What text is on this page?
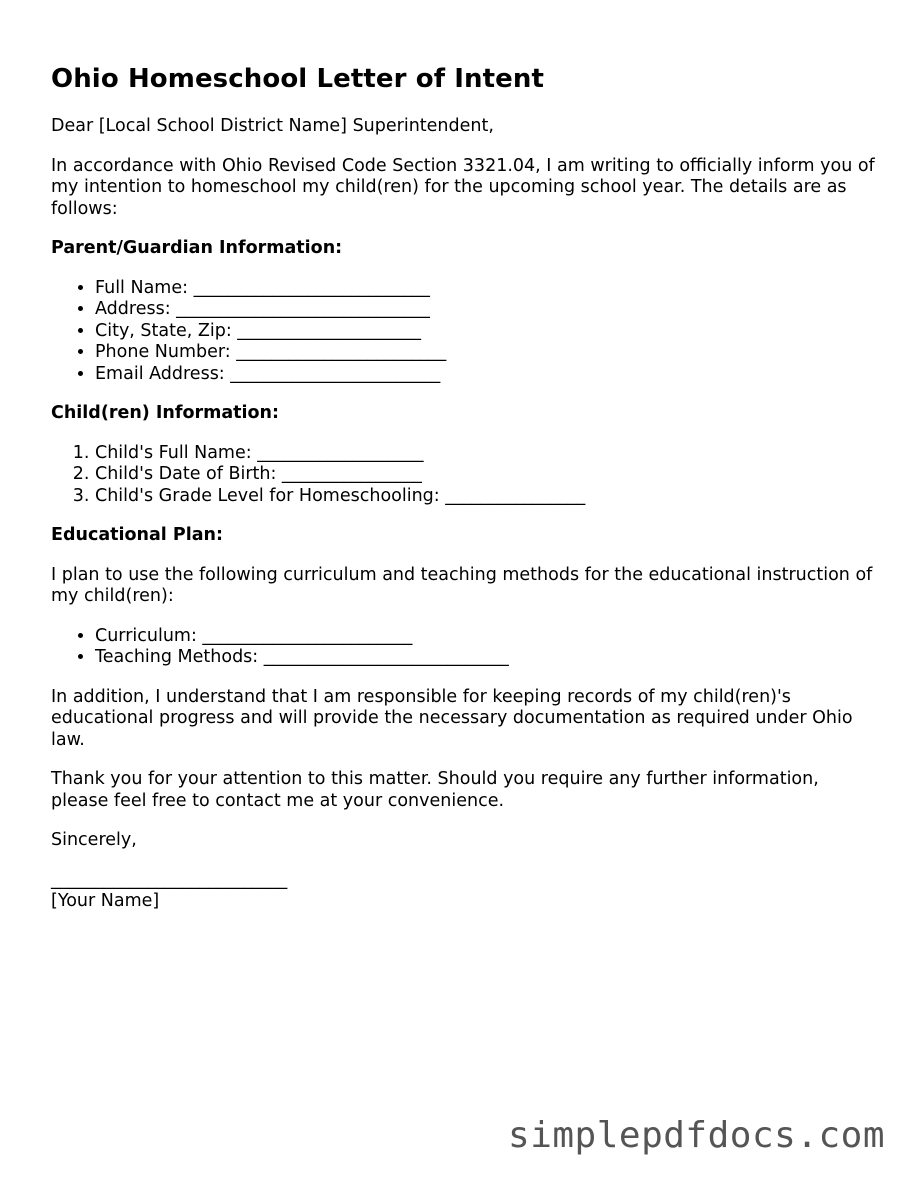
Ohio Homeschool Letter of Intent

Dear [Local School District Name] Superintendent,

In accordance with Ohio Revised Code Section 3321.04, I am writing to officially inform you of my intention to homeschool my child(ren) for the upcoming school year. The details are as follows:

Parent/Guardian Information:
• Full Name: ___________________________
• Address: _____________________________
• City, State, Zip: _____________________
• Phone Number: ________________________
• Email Address: ________________________
Child(ren) Information:
1. Child's Full Name: ___________________
2. Child's Date of Birth: ________________
3. Child's Grade Level for Homeschooling: ________________
Educational Plan:

I plan to use the following curriculum and teaching methods for the educational instruction of my child(ren):

• Curriculum: ________________________
• Teaching Methods: ____________________________

In addition, I understand that I am responsible for keeping records of my child(ren)'s educational progress and will provide the necessary documentation as required under Ohio law.

Thank you for your attention to this matter. Should you require any further information, please feel free to contact me at your convenience.

Sincerely,

___________________________
[Your Name]
simplepdfdocs.com
